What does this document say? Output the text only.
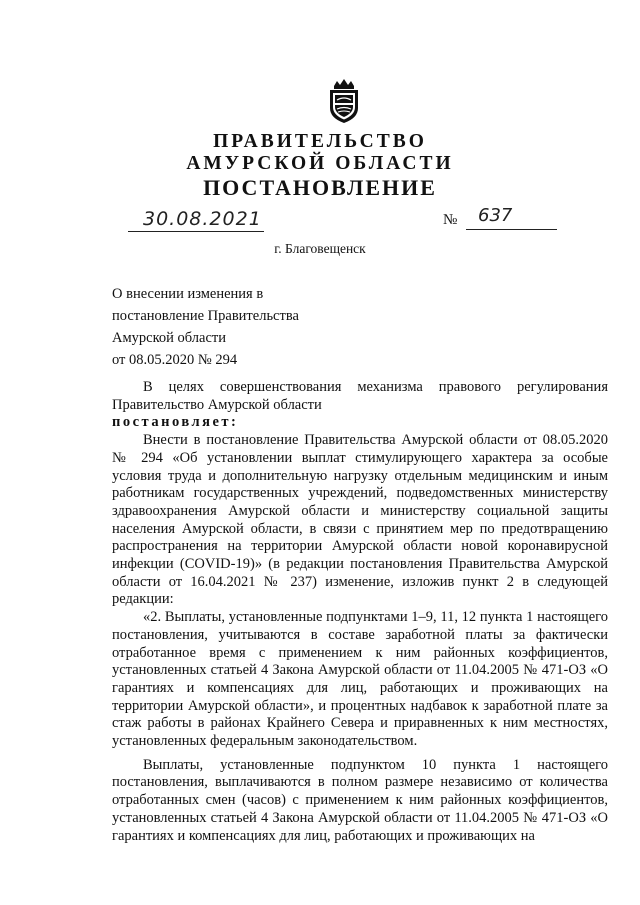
ПРАВИТЕЛЬСТВО
АМУРСКОЙ ОБЛАСТИ
ПОСТАНОВЛЕНИЕ
30.08.2021	№ 637
г. Благовещенск
О внесении изменения в
постановление Правительства
Амурской области
от 08.05.2020 № 294

В целях совершенствования механизма правового регулирования Правительство Амурской области

постановляет:

Внести в постановление Правительства Амурской области от 08.05.2020 № 294 «Об установлении выплат стимулирующего характера за особые условия труда и дополнительную нагрузку отдельным медицинским и иным работникам государственных учреждений, подведомственных министерству здравоохранения Амурской области и министерству социальной защиты населения Амурской области, в связи с принятием мер по предотвращению распространения на территории Амурской области новой коронавирусной инфекции (COVID-19)» (в редакции постановления Правительства Амурской области от 16.04.2021 № 237) изменение, изложив пункт 2 в следующей редакции:

«2. Выплаты, установленные подпунктами 1–9, 11, 12 пункта 1 настоящего постановления, учитываются в составе заработной платы за фактически отработанное время с применением к ним районных коэффициентов, установленных статьей 4 Закона Амурской области от 11.04.2005 № 471-ОЗ «О гарантиях и компенсациях для лиц, работающих и проживающих на территории Амурской области», и процентных надбавок к заработной плате за стаж работы в районах Крайнего Севера и приравненных к ним местностях, установленных федеральным законодательством.

Выплаты, установленные подпунктом 10 пункта 1 настоящего постановления, выплачиваются в полном размере независимо от количества отработанных смен (часов) с применением к ним районных коэффициентов, установленных статьей 4 Закона Амурской области от 11.04.2005 № 471-ОЗ «О гарантиях и компенсациях для лиц, работающих и проживающих на
